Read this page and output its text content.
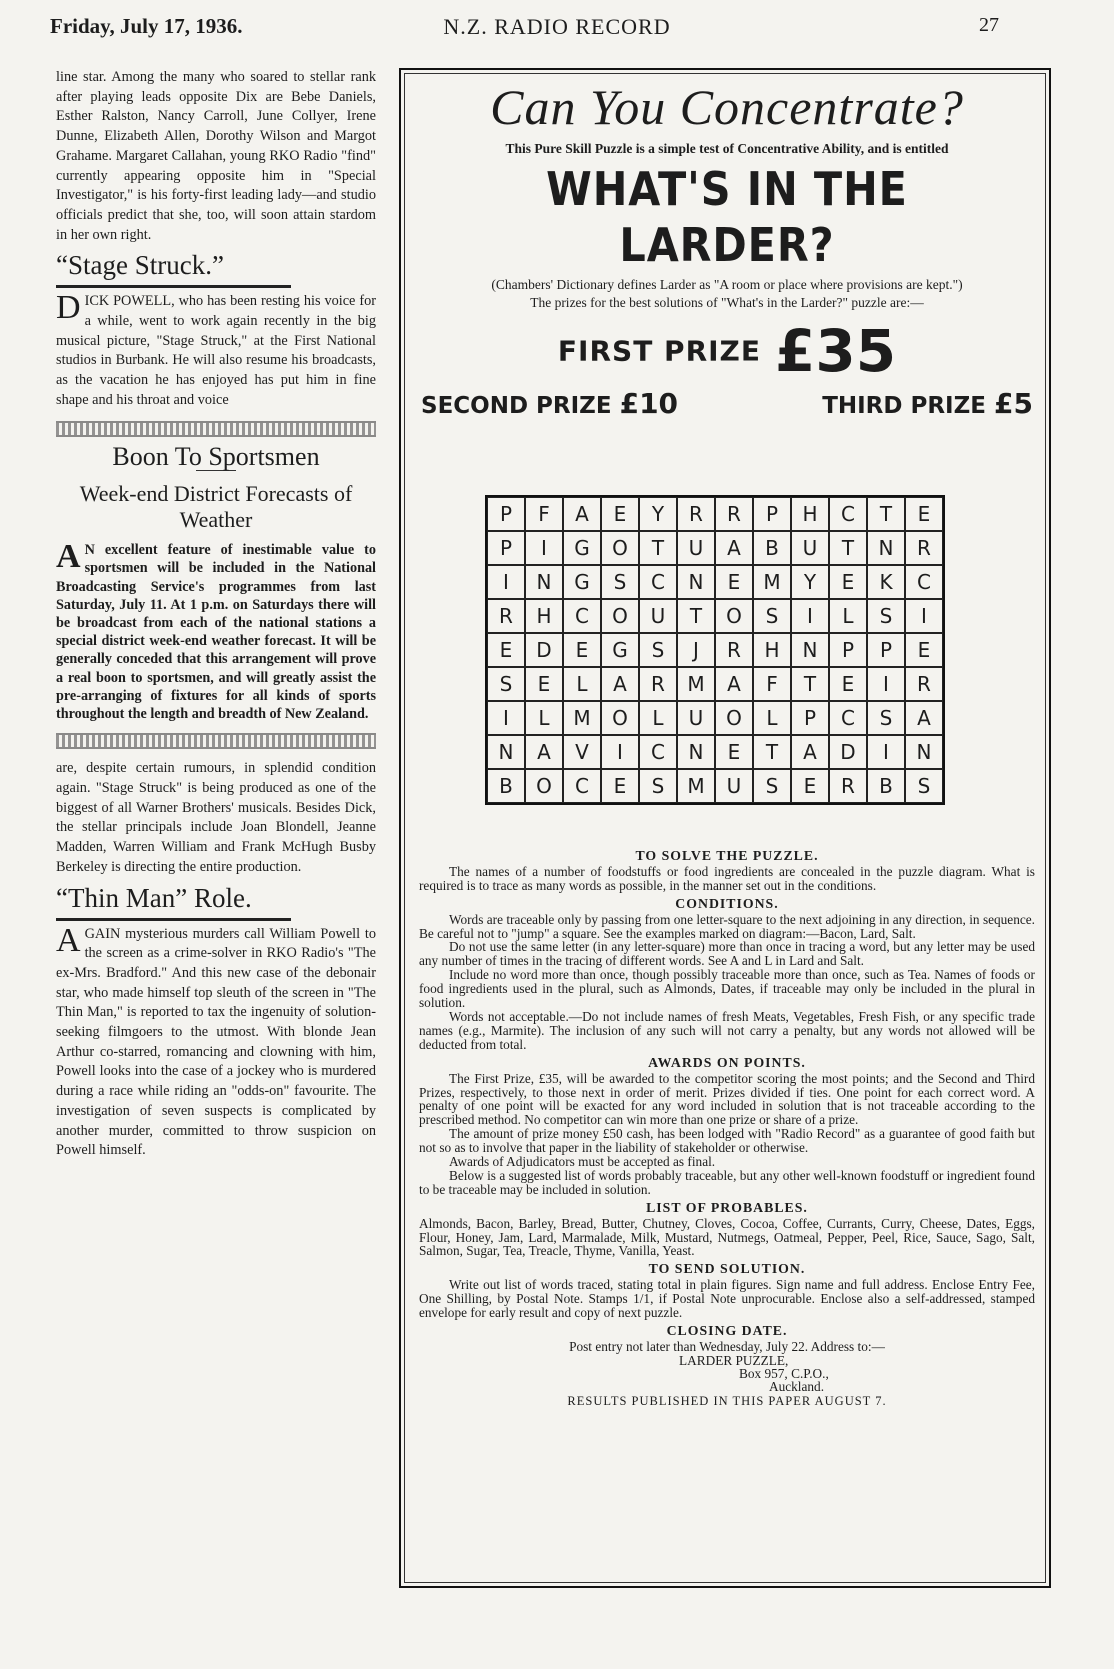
Friday, July 17, 1936.	N.Z. RADIO RECORD	27

line star. Among the many who soared to stellar rank after playing leads opposite Dix are Bebe Daniels, Esther Ralston, Nancy Carroll, June Collyer, Irene Dunne, Elizabeth Allen, Dorothy Wilson and Margot Grahame. Margaret Callahan, young RKO Radio "find" currently appearing opposite him in "Special Investigator," is his forty-first leading lady—and studio officials predict that she, too, will soon attain stardom in her own right.

“Stage Struck.”

DICK POWELL, who has been resting his voice for a while, went to work again recently in the big musical picture, "Stage Struck," at the First National studios in Burbank. He will also resume his broadcasts, as the vacation he has enjoyed has put him in fine shape and his throat and voice

Boon To Sportsmen
Week-end District Forecasts of Weather

A N excellent feature of inestimable value to sportsmen will be included in the National Broadcasting Service's programmes from last Saturday, July 11. At 1 p.m. on Saturdays there will be broadcast from each of the national stations a special district week-end weather forecast. It will be generally conceded that this arrangement will prove a real boon to sportsmen, and will greatly assist the pre-arranging of fixtures for all kinds of sports throughout the length and breadth of New Zealand.

are, despite certain rumours, in splendid condition again. "Stage Struck" is being produced as one of the biggest of all Warner Brothers' musicals. Besides Dick, the stellar principals include Joan Blondell, Jeanne Madden, Warren William and Frank McHugh Busby Berkeley is directing the entire production.

“Thin Man” Role.

AGAIN mysterious murders call William Powell to the screen as a crime-solver in RKO Radio's "The ex-Mrs. Bradford." And this new case of the debonair star, who made himself top sleuth of the screen in "The Thin Man," is reported to tax the ingenuity of solution-seeking filmgoers to the utmost. With blonde Jean Arthur co-starred, romancing and clowning with him, Powell looks into the case of a jockey who is murdered during a race while riding an "odds-on" favourite. The investigation of seven suspects is complicated by another murder, committed to throw suspicion on Powell himself.

Can You Concentrate?
This Pure Skill Puzzle is a simple test of Concentrative Ability, and is entitled
WHAT'S IN THE LARDER?
(Chambers' Dictionary defines Larder as "A room or place where provisions are kept.")
The prizes for the best solutions of "What's in the Larder?" puzzle are:—
FIRST PRIZE £35
SECOND PRIZE £10	THIRD PRIZE £5
P	F	A	E	Y	R	R	P	H	C	T	E
P	I	G	O	T	U	A	B	U	T	N	R
I	N	G	S	C	N	E	M	Y	E	K	C
R	H	C	O	U	T	O	S	I	L	S	I
E	D	E	G	S	J	R	H	N	P	P	E
S	E	L	A	R	M	A	F	T	E	I	R
I	L	M	O	L	U	O	L	P	C	S	A
N	A	V	I	C	N	E	T	A	D	I	N
B	O	C	E	S	M	U	S	E	R	B	S
TO SOLVE THE PUZZLE.

The names of a number of foodstuffs or food ingredients are concealed in the puzzle diagram. What is required is to trace as many words as possible, in the manner set out in the conditions.

CONDITIONS.

Words are traceable only by passing from one letter-square to the next adjoining in any direction, in sequence. Be careful not to "jump" a square. See the examples marked on diagram:—Bacon, Lard, Salt.

Do not use the same letter (in any letter-square) more than once in tracing a word, but any letter may be used any number of times in the tracing of different words. See A and L in Lard and Salt.

Include no word more than once, though possibly traceable more than once, such as Tea. Names of foods or food ingredients used in the plural, such as Almonds, Dates, if traceable may only be included in the plural in solution.

Words not acceptable.—Do not include names of fresh Meats, Vegetables, Fresh Fish, or any specific trade names (e.g., Marmite). The inclusion of any such will not carry a penalty, but any words not allowed will be deducted from total.

AWARDS ON POINTS.

The First Prize, £35, will be awarded to the competitor scoring the most points; and the Second and Third Prizes, respectively, to those next in order of merit. Prizes divided if ties. One point for each correct word. A penalty of one point will be exacted for any word included in solution that is not traceable according to the prescribed method. No competitor can win more than one prize or share of a prize.

The amount of prize money £50 cash, has been lodged with "Radio Record" as a guarantee of good faith but not so as to involve that paper in the liability of stakeholder or otherwise.

Awards of Adjudicators must be accepted as final.

Below is a suggested list of words probably traceable, but any other well-known foodstuff or ingredient found to be traceable may be included in solution.

LIST OF PROBABLES.

Almonds, Bacon, Barley, Bread, Butter, Chutney, Cloves, Cocoa, Coffee, Currants, Curry, Cheese, Dates, Eggs, Flour, Honey, Jam, Lard, Marmalade, Milk, Mustard, Nutmegs, Oatmeal, Pepper, Peel, Rice, Sauce, Sago, Salt, Salmon, Sugar, Tea, Treacle, Thyme, Vanilla, Yeast.

TO SEND SOLUTION.

Write out list of words traced, stating total in plain figures. Sign name and full address. Enclose Entry Fee, One Shilling, by Postal Note. Stamps 1/1, if Postal Note unprocurable. Enclose also a self-addressed, stamped envelope for early result and copy of next puzzle.

CLOSING DATE.

Post entry not later than Wednesday, July 22. Address to:—

LARDER PUZZLE,
Box 957, C.P.O.,
Auckland.
RESULTS PUBLISHED IN THIS PAPER AUGUST 7.
